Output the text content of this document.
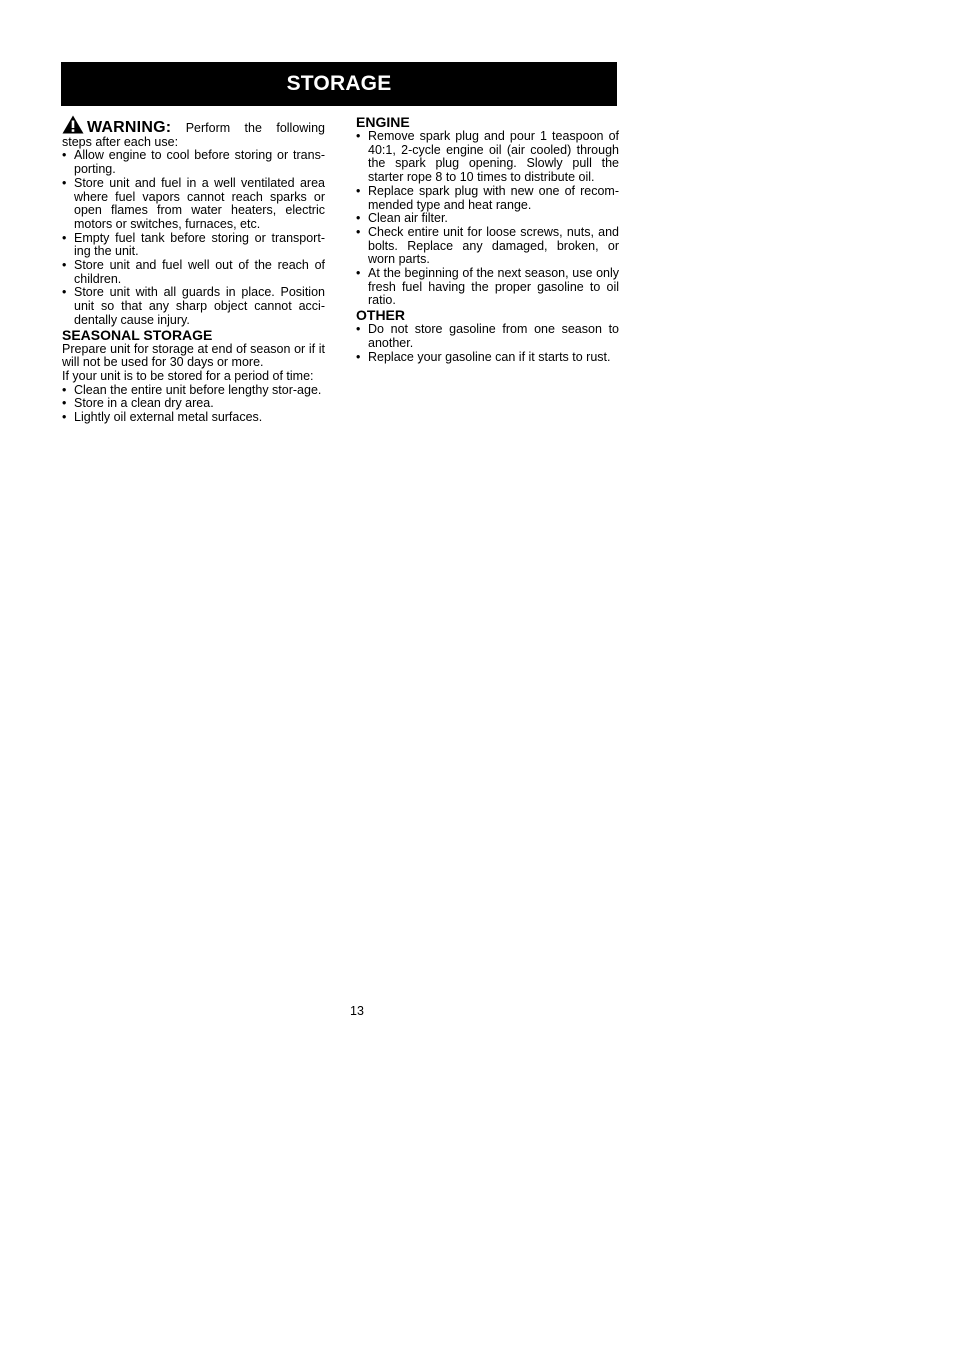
STORAGE

WARNING: Perform the following

steps after each use:

• Allow engine to cool before storing or trans-porting.
• Store unit and fuel in a well ventilated area where fuel vapors cannot reach sparks or open flames from water heaters, electric motors or switches, furnaces, etc.
• Empty fuel tank before storing or transport-ing the unit.
• Store unit and fuel well out of the reach of children.
• Store unit with all guards in place. Position unit so that any sharp object cannot acci-dentally cause injury.
SEASONAL STORAGE

Prepare unit for storage at end of season or if it will not be used for 30 days or more.

If your unit is to be stored for a period of time:

• Clean the entire unit before lengthy stor-age.
• Store in a clean dry area.
• Lightly oil external metal surfaces.
ENGINE
• Remove spark plug and pour 1 teaspoon of 40:1, 2-cycle engine oil (air cooled) through the spark plug opening. Slowly pull the starter rope 8 to 10 times to distribute oil.
• Replace spark plug with new one of recom-mended type and heat range.
• Clean air filter.
• Check entire unit for loose screws, nuts, and bolts. Replace any damaged, broken, or worn parts.
• At the beginning of the next season, use only fresh fuel having the proper gasoline to oil ratio.
OTHER
• Do not store gasoline from one season to another.
• Replace your gasoline can if it starts to rust.
13
